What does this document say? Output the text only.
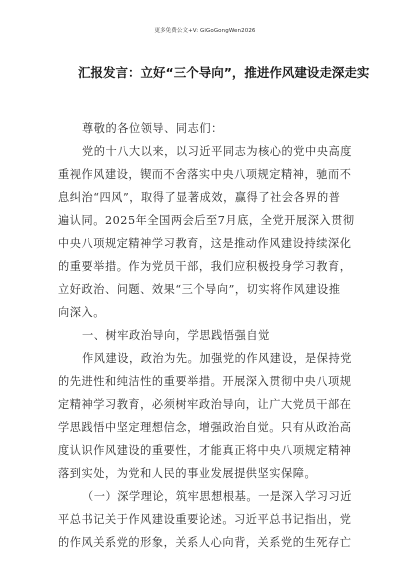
更多免费公文+V: GiGoGongWen2026
汇报发言：立好“三个导向”，推进作风建设走深走实
尊敬的各位领导、同志们：
党的十八大以来，以习近平同志为核心的党中央高度
重视作风建设，锲而不舍落实中央八项规定精神，驰而不
息纠治“四风”，取得了显著成效，赢得了社会各界的普
遍认同。2025年全国两会后至7月底，全党开展深入贯彻
中央八项规定精神学习教育，这是推动作风建设持续深化
的重要举措。作为党员干部，我们应积极投身学习教育，
立好政治、问题、效果“三个导向”，切实将作风建设推
向深入。
一、树牢政治导向，学思践悟强自觉
作风建设，政治为先。加强党的作风建设，是保持党
的先进性和纯洁性的重要举措。开展深入贯彻中央八项规
定精神学习教育，必须树牢政治导向，让广大党员干部在
学思践悟中坚定理想信念，增强政治自觉。只有从政治高
度认识作风建设的重要性，才能真正将中央八项规定精神
落到实处，为党和人民的事业发展提供坚实保障。
（一）深学理论，筑牢思想根基。一是深入学习习近
平总书记关于作风建设重要论述。习近平总书记指出，党
的作风关系党的形象，关系人心向背，关系党的生死存亡
